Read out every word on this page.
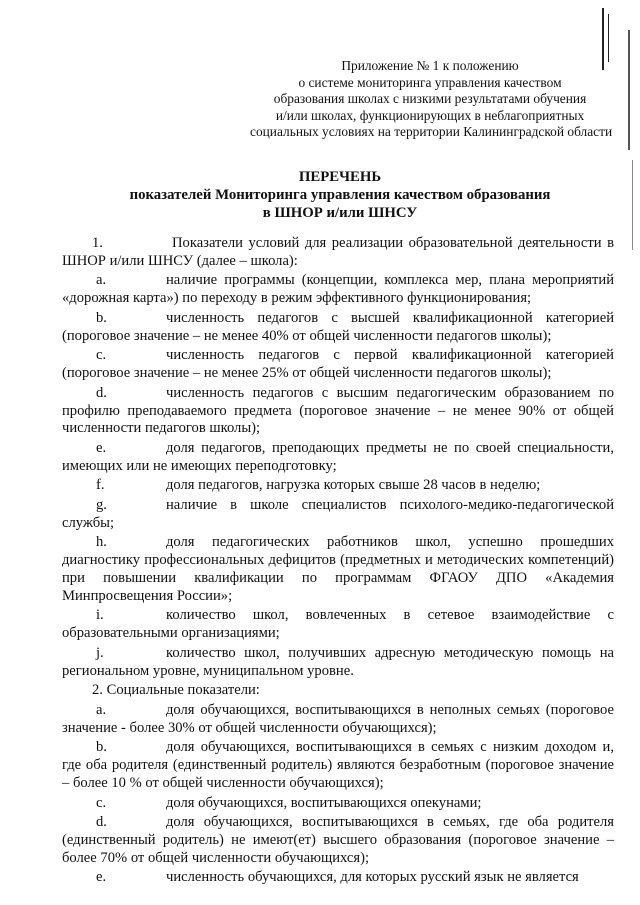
Приложение № 1 к положению
о системе мониторинга управления качеством
образования школах с низкими результатами обучения
и/или школах, функционирующих в неблагоприятных
социальных условиях на территории Калининградской области
ПЕРЕЧЕНЬ
показателей Мониторинга управления качеством образования
в ШНОР и/или ШНСУ

1.	Показатели условий для реализации образовательной деятельности в ШНОР и/или ШНСУ (далее – школа):

a.	наличие программы (концепции, комплекса мер, плана мероприятий «дорожная карта») по переходу в режим эффективного функционирования;

b.	численность педагогов с высшей квалификационной категорией (пороговое значение – не менее 40% от общей численности педагогов школы);

c.	численность педагогов с первой квалификационной категорией (пороговое значение – не менее 25% от общей численности педагогов школы);

d.	численность педагогов с высшим педагогическим образованием по профилю преподаваемого предмета (пороговое значение – не менее 90% от общей численности педагогов школы);

e.	доля педагогов, преподающих предметы не по своей специальности, имеющих или не имеющих переподготовку;

f.	доля педагогов, нагрузка которых свыше 28 часов в неделю;

g.	наличие в школе специалистов психолого-медико-педагогической службы;

h.	доля педагогических работников школ, успешно прошедших диагностику профессиональных дефицитов (предметных и методических компетенций) при повышении квалификации по программам ФГАОУ ДПО «Академия Минпросвещения России»;

i.	количество школ, вовлеченных в сетевое взаимодействие с образовательными организациями;

j.	количество школ, получивших адресную методическую помощь на региональном уровне, муниципальном уровне.

2. Социальные показатели:

a.	доля обучающихся, воспитывающихся в неполных семьях (пороговое значение - более 30% от общей численности обучающихся);

b.	доля обучающихся, воспитывающихся в семьях с низким доходом и, где оба родителя (единственный родитель) являются безработным (пороговое значение – более 10 % от общей численности обучающихся);

c.	доля обучающихся, воспитывающихся опекунами;

d.	доля обучающихся, воспитывающихся в семьях, где оба родителя (единственный родитель) не имеют(ет) высшего образования (пороговое значение – более 70% от общей численности обучающихся);

e.	численность обучающихся, для которых русский язык не является
